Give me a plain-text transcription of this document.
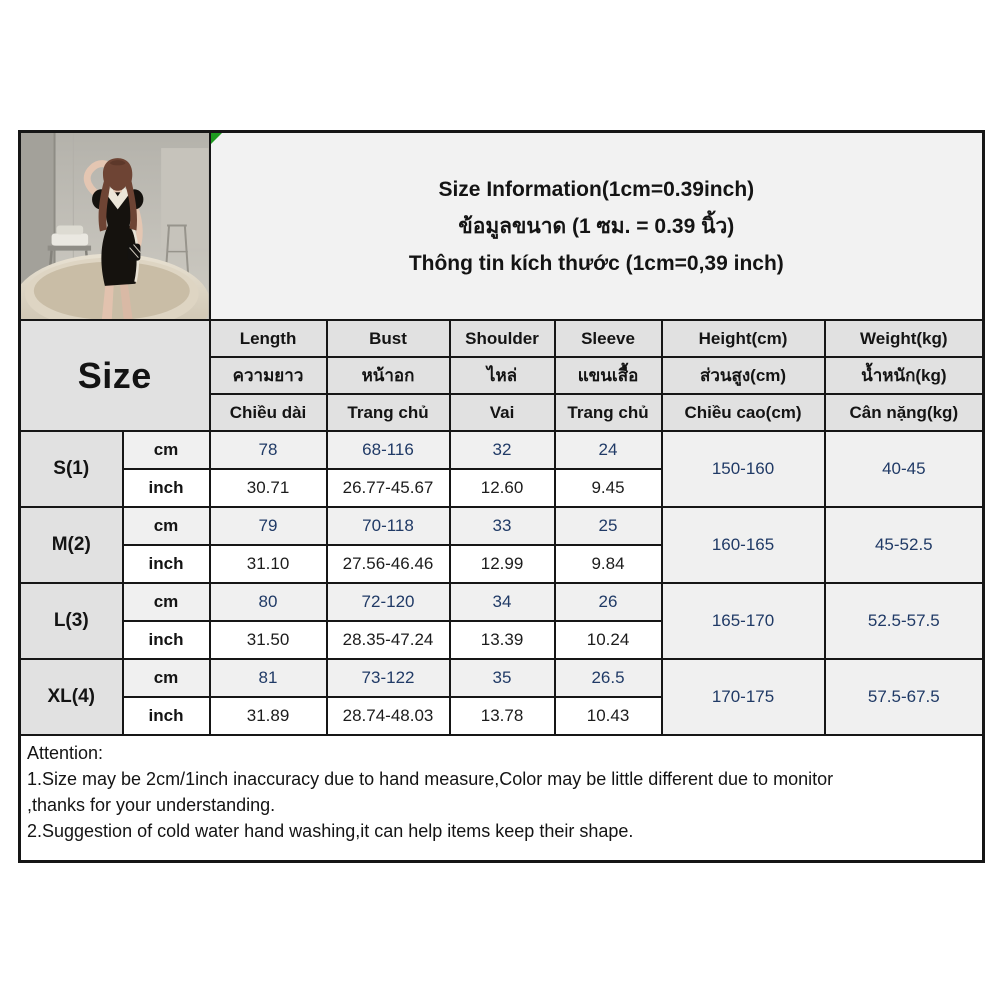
Size Information(1cm=0.39inch)
ข้อมูลขนาด (1 ซม. = 0.39 นิ้ว)
Thông tin kích thước (1cm=0,39 inch)					

Size		Length	Bust	Shoulder	Sleeve	Height(cm)	Weight(kg)
		ความยาว	หน้าอก	ไหล่	แขนเสื้อ	ส่วนสูง(cm)	น้ำหนัก(kg)
		Chiều dài	Trang chủ	Vai	Trang chủ	Chiều cao(cm)	Cân nặng(kg)
S(1)	cm	78	68-116	32	24	150-160	40-45
	inch	30.71	26.77-45.67	12.60	9.45		
M(2)	cm	79	70-118	33	25	160-165	45-52.5
	inch	31.10	27.56-46.46	12.99	9.84		
L(3)	cm	80	72-120	34	26	165-170	52.5-57.5
	inch	31.50	28.35-47.24	13.39	10.24		
XL(4)	cm	81	73-122	35	26.5	170-175	57.5-67.5
	inch	31.89	28.74-48.03	13.78	10.43		

Attention:
1.Size may be 2cm/1inch inaccuracy due to hand measure,Color may be little different due to monitor
,thanks for your understanding.
2.Suggestion of cold water hand washing,it can help items keep their shape.							
